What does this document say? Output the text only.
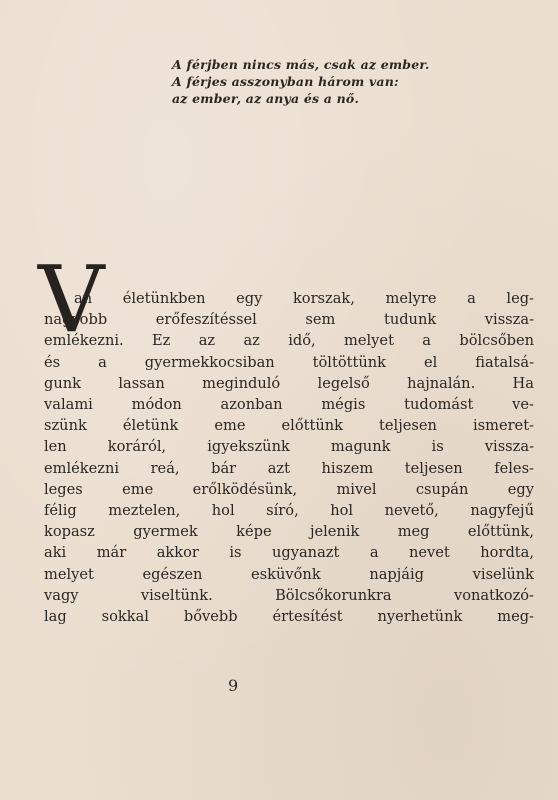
A férjben nincs más, csak az ember.
A férjes asszonyban három van:
az ember, az anya és a nő.
V
an életünkben egy korszak, melyre a leg-
nagyobb erőfeszítéssel sem tudunk vissza-
emlékezni. Ez az az idő, melyet a bölcsőben
és a gyermekkocsiban töltöttünk el fiatalsá-
gunk lassan meginduló legelső hajnalán. Ha
valami módon azonban mégis tudomást ve-
szünk életünk eme előttünk teljesen ismeret-
len koráról, igyekszünk magunk is vissza-
emlékezni reá, bár azt hiszem teljesen feles-
leges eme erőlködésünk, mivel csupán egy
félig meztelen, hol síró, hol nevető, nagyfejű
kopasz gyermek képe jelenik meg előttünk,
aki már akkor is ugyanazt a nevet hordta,
melyet egészen esküvőnk napjáig viselünk
vagy viseltünk. Bölcsőkorunkra vonatkozó-
lag sokkal bővebb értesítést nyerhetünk meg-
9
